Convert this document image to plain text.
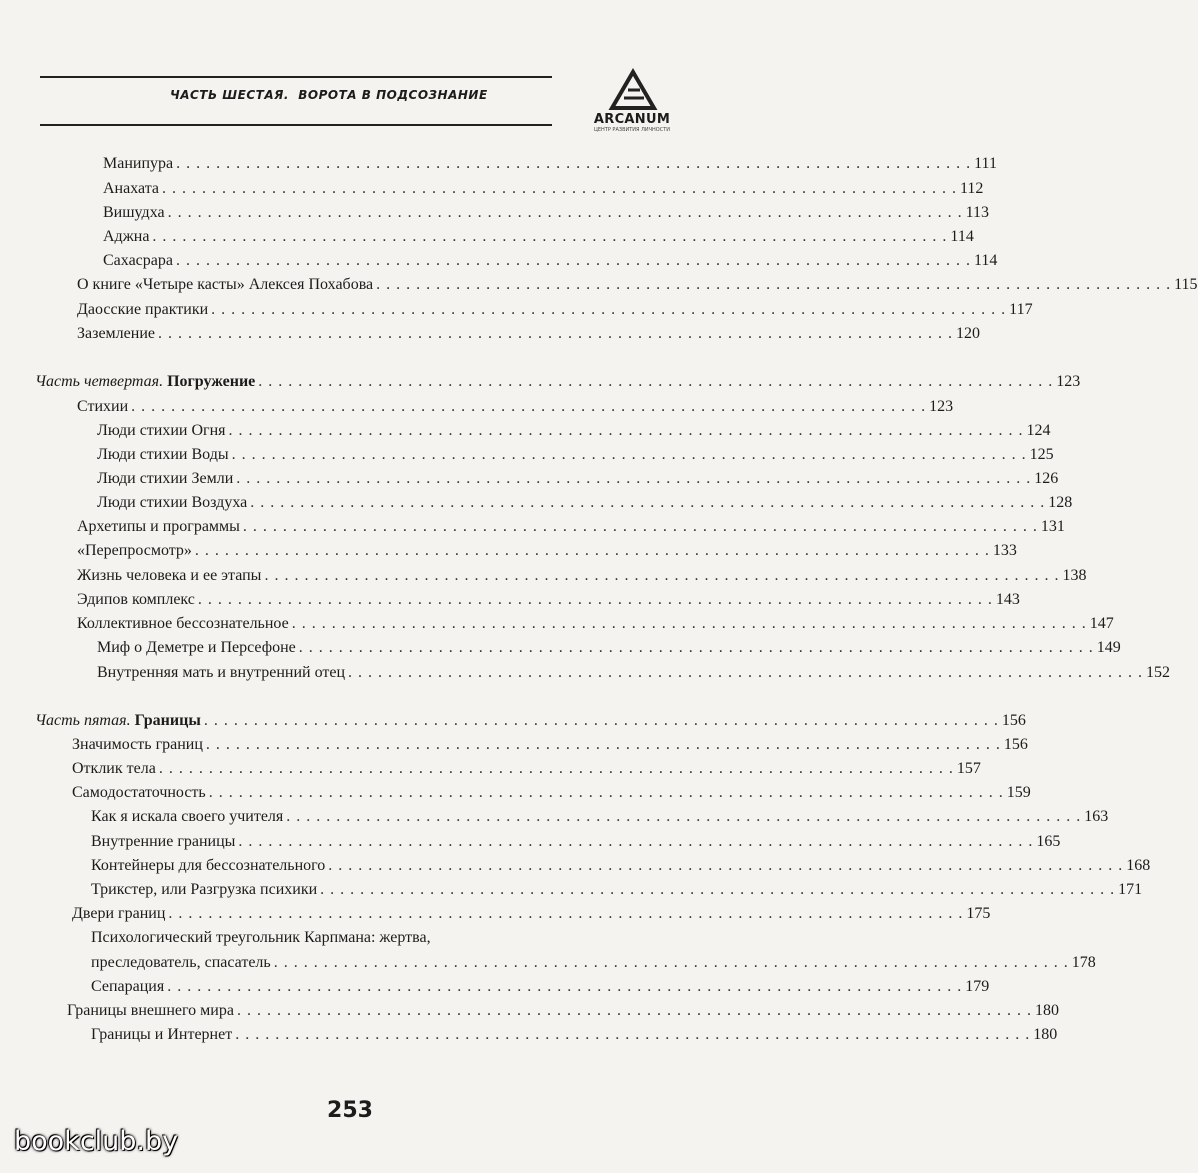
ЧАСТЬ ШЕСТАЯ.  ВОРОТА В ПОДСОЗНАНИЕ
ARCANUM
ЦЕНТР РАЗВИТИЯ ЛИЧНОСТИ
Манипура . . . . . . . . . . . . . . . . . . . . . . . . . . . . . . . . . . . . . . . . . . . . . . . . . . . . . . . . . . . . . . . . . . . . . . . . . . . . . . . . 111
Анахата . . . . . . . . . . . . . . . . . . . . . . . . . . . . . . . . . . . . . . . . . . . . . . . . . . . . . . . . . . . . . . . . . . . . . . . . . . . . . . . . 112
Вишудха . . . . . . . . . . . . . . . . . . . . . . . . . . . . . . . . . . . . . . . . . . . . . . . . . . . . . . . . . . . . . . . . . . . . . . . . . . . . . . . . 113
Аджна . . . . . . . . . . . . . . . . . . . . . . . . . . . . . . . . . . . . . . . . . . . . . . . . . . . . . . . . . . . . . . . . . . . . . . . . . . . . . . . . 114
Сахасрара . . . . . . . . . . . . . . . . . . . . . . . . . . . . . . . . . . . . . . . . . . . . . . . . . . . . . . . . . . . . . . . . . . . . . . . . . . . . . . . . 114
О книге «Четыре касты» Алексея Похабова . . . . . . . . . . . . . . . . . . . . . . . . . . . . . . . . . . . . . . . . . . . . . . . . . . . . . . . . . . . . . . . . . . . . . . . . . . . . . . . . 115
Даосские практики . . . . . . . . . . . . . . . . . . . . . . . . . . . . . . . . . . . . . . . . . . . . . . . . . . . . . . . . . . . . . . . . . . . . . . . . . . . . . . . . 117
Заземление . . . . . . . . . . . . . . . . . . . . . . . . . . . . . . . . . . . . . . . . . . . . . . . . . . . . . . . . . . . . . . . . . . . . . . . . . . . . . . . . 120
Часть четвертая. Погружение . . . . . . . . . . . . . . . . . . . . . . . . . . . . . . . . . . . . . . . . . . . . . . . . . . . . . . . . . . . . . . . . . . . . . . . . . . . . . . . . 123
Стихии . . . . . . . . . . . . . . . . . . . . . . . . . . . . . . . . . . . . . . . . . . . . . . . . . . . . . . . . . . . . . . . . . . . . . . . . . . . . . . . . 123
Люди стихии Огня . . . . . . . . . . . . . . . . . . . . . . . . . . . . . . . . . . . . . . . . . . . . . . . . . . . . . . . . . . . . . . . . . . . . . . . . . . . . . . . . 124
Люди стихии Воды . . . . . . . . . . . . . . . . . . . . . . . . . . . . . . . . . . . . . . . . . . . . . . . . . . . . . . . . . . . . . . . . . . . . . . . . . . . . . . . . 125
Люди стихии Земли . . . . . . . . . . . . . . . . . . . . . . . . . . . . . . . . . . . . . . . . . . . . . . . . . . . . . . . . . . . . . . . . . . . . . . . . . . . . . . . . 126
Люди стихии Воздуха . . . . . . . . . . . . . . . . . . . . . . . . . . . . . . . . . . . . . . . . . . . . . . . . . . . . . . . . . . . . . . . . . . . . . . . . . . . . . . . . 128
Архетипы и программы . . . . . . . . . . . . . . . . . . . . . . . . . . . . . . . . . . . . . . . . . . . . . . . . . . . . . . . . . . . . . . . . . . . . . . . . . . . . . . . . 131
«Перепросмотр» . . . . . . . . . . . . . . . . . . . . . . . . . . . . . . . . . . . . . . . . . . . . . . . . . . . . . . . . . . . . . . . . . . . . . . . . . . . . . . . . 133
Жизнь человека и ее этапы . . . . . . . . . . . . . . . . . . . . . . . . . . . . . . . . . . . . . . . . . . . . . . . . . . . . . . . . . . . . . . . . . . . . . . . . . . . . . . . . 138
Эдипов комплекс . . . . . . . . . . . . . . . . . . . . . . . . . . . . . . . . . . . . . . . . . . . . . . . . . . . . . . . . . . . . . . . . . . . . . . . . . . . . . . . . 143
Коллективное бессознательное . . . . . . . . . . . . . . . . . . . . . . . . . . . . . . . . . . . . . . . . . . . . . . . . . . . . . . . . . . . . . . . . . . . . . . . . . . . . . . . . 147
Миф о Деметре и Персефоне . . . . . . . . . . . . . . . . . . . . . . . . . . . . . . . . . . . . . . . . . . . . . . . . . . . . . . . . . . . . . . . . . . . . . . . . . . . . . . . . 149
Внутренняя мать и внутренний отец . . . . . . . . . . . . . . . . . . . . . . . . . . . . . . . . . . . . . . . . . . . . . . . . . . . . . . . . . . . . . . . . . . . . . . . . . . . . . . . . 152
Часть пятая. Границы . . . . . . . . . . . . . . . . . . . . . . . . . . . . . . . . . . . . . . . . . . . . . . . . . . . . . . . . . . . . . . . . . . . . . . . . . . . . . . . . 156
Значимость границ . . . . . . . . . . . . . . . . . . . . . . . . . . . . . . . . . . . . . . . . . . . . . . . . . . . . . . . . . . . . . . . . . . . . . . . . . . . . . . . . 156
Отклик тела . . . . . . . . . . . . . . . . . . . . . . . . . . . . . . . . . . . . . . . . . . . . . . . . . . . . . . . . . . . . . . . . . . . . . . . . . . . . . . . . 157
Самодостаточность . . . . . . . . . . . . . . . . . . . . . . . . . . . . . . . . . . . . . . . . . . . . . . . . . . . . . . . . . . . . . . . . . . . . . . . . . . . . . . . . 159
Как я искала своего учителя . . . . . . . . . . . . . . . . . . . . . . . . . . . . . . . . . . . . . . . . . . . . . . . . . . . . . . . . . . . . . . . . . . . . . . . . . . . . . . . . 163
Внутренние границы . . . . . . . . . . . . . . . . . . . . . . . . . . . . . . . . . . . . . . . . . . . . . . . . . . . . . . . . . . . . . . . . . . . . . . . . . . . . . . . . 165
Контейнеры для бессознательного . . . . . . . . . . . . . . . . . . . . . . . . . . . . . . . . . . . . . . . . . . . . . . . . . . . . . . . . . . . . . . . . . . . . . . . . . . . . . . . . 168
Трикстер, или Разгрузка психики . . . . . . . . . . . . . . . . . . . . . . . . . . . . . . . . . . . . . . . . . . . . . . . . . . . . . . . . . . . . . . . . . . . . . . . . . . . . . . . . 171
Двери границ . . . . . . . . . . . . . . . . . . . . . . . . . . . . . . . . . . . . . . . . . . . . . . . . . . . . . . . . . . . . . . . . . . . . . . . . . . . . . . . . 175
Психологический треугольник Карпмана: жертва,
преследователь, спасатель . . . . . . . . . . . . . . . . . . . . . . . . . . . . . . . . . . . . . . . . . . . . . . . . . . . . . . . . . . . . . . . . . . . . . . . . . . . . . . . . 178
Сепарация . . . . . . . . . . . . . . . . . . . . . . . . . . . . . . . . . . . . . . . . . . . . . . . . . . . . . . . . . . . . . . . . . . . . . . . . . . . . . . . . 179
Границы внешнего мира . . . . . . . . . . . . . . . . . . . . . . . . . . . . . . . . . . . . . . . . . . . . . . . . . . . . . . . . . . . . . . . . . . . . . . . . . . . . . . . . 180
Границы и Интернет . . . . . . . . . . . . . . . . . . . . . . . . . . . . . . . . . . . . . . . . . . . . . . . . . . . . . . . . . . . . . . . . . . . . . . . . . . . . . . . . 180
253
bookclub.by
